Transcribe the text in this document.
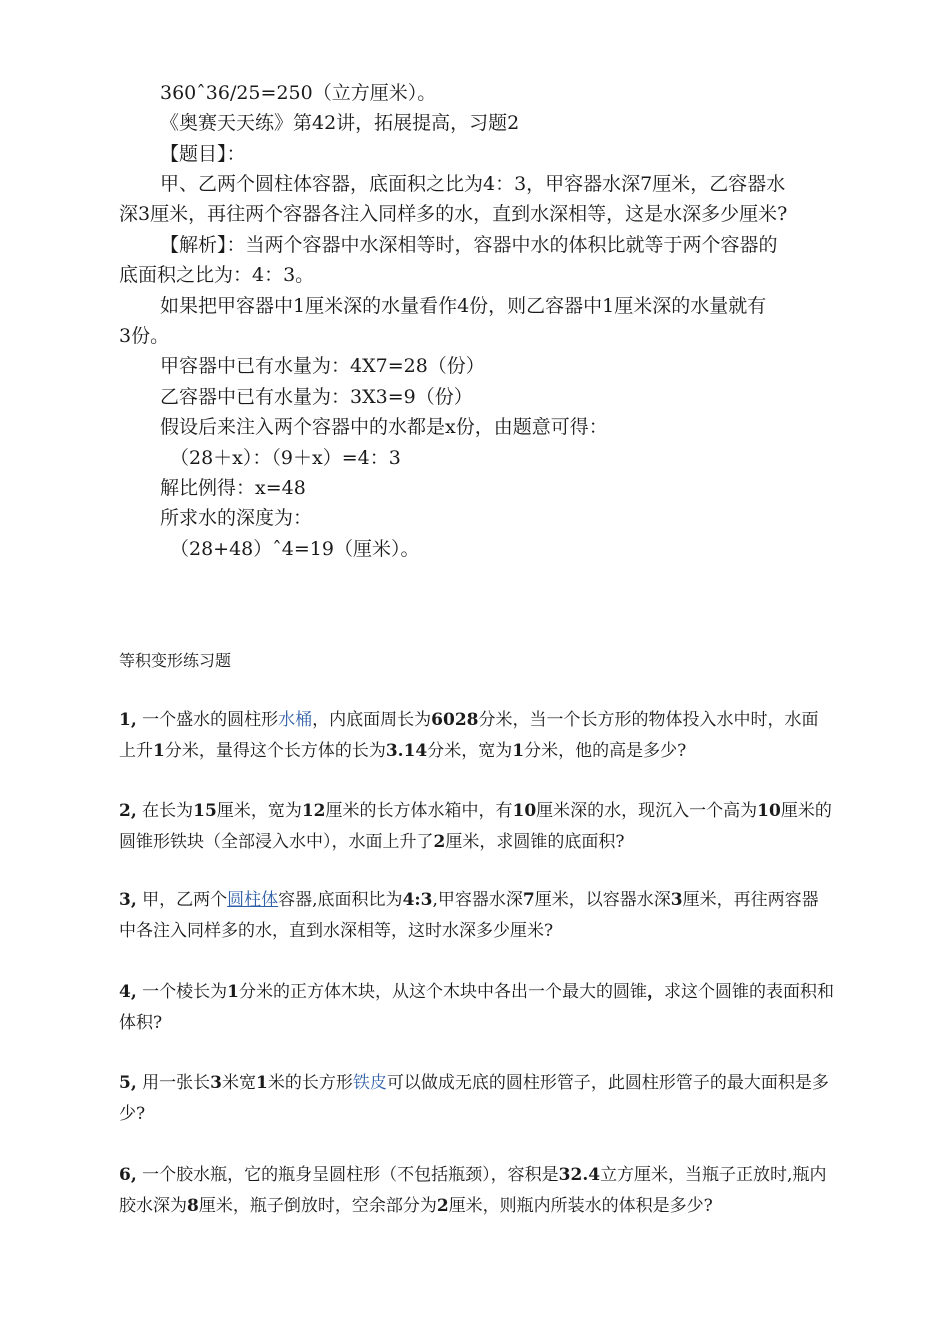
360ˆ36/25=250（立方厘米）。
《奥赛天天练》第42讲，拓展提高，习题2
【题目】：
甲、乙两个圆柱体容器，底面积之比为4：3，甲容器水深7厘米，乙容器水
深3厘米，再往两个容器各注入同样多的水，直到水深相等，这是水深多少厘米?
【解析】：当两个容器中水深相等时，容器中水的体积比就等于两个容器的
底面积之比为：4：3。
如果把甲容器中1厘米深的水量看作4份，则乙容器中1厘米深的水量就有
3份。
甲容器中已有水量为：4X7=28（份）
乙容器中已有水量为：3X3=9（份）
假设后来注入两个容器中的水都是x份，由题意可得：
（28＋x）：（9＋x）=4：3
解比例得：x=48
所求水的深度为：
（28+48）ˆ4=19（厘米）。
等积变形练习题
1, 一个盛水的圆柱形水桶，内底面周长为6028分米，当一个长方形的物体投入水中时，水面上升1分米，量得这个长方体的长为3.14分米，宽为1分米，他的高是多少?
2, 在长为15厘米，宽为12厘米的长方体水箱中，有10厘米深的水，现沉入一个高为10厘米的圆锥形铁块（全部浸入水中），水面上升了2厘米，求圆锥的底面积?
3, 甲，乙两个圆柱体容器,底面积比为4:3,甲容器水深7厘米，以容器水深3厘米，再往两容器中各注入同样多的水，直到水深相等，这时水深多少厘米?
4, 一个棱长为1分米的正方体木块，从这个木块中各出一个最大的圆锥，求这个圆锥的表面积和体积?
5, 用一张长3米宽1米的长方形铁皮可以做成无底的圆柱形管子，此圆柱形管子的最大面积是多少?
6, 一个胶水瓶，它的瓶身呈圆柱形（不包括瓶颈），容积是32.4立方厘米，当瓶子正放时,瓶内胶水深为8厘米，瓶子倒放时，空余部分为2厘米，则瓶内所装水的体积是多少?
